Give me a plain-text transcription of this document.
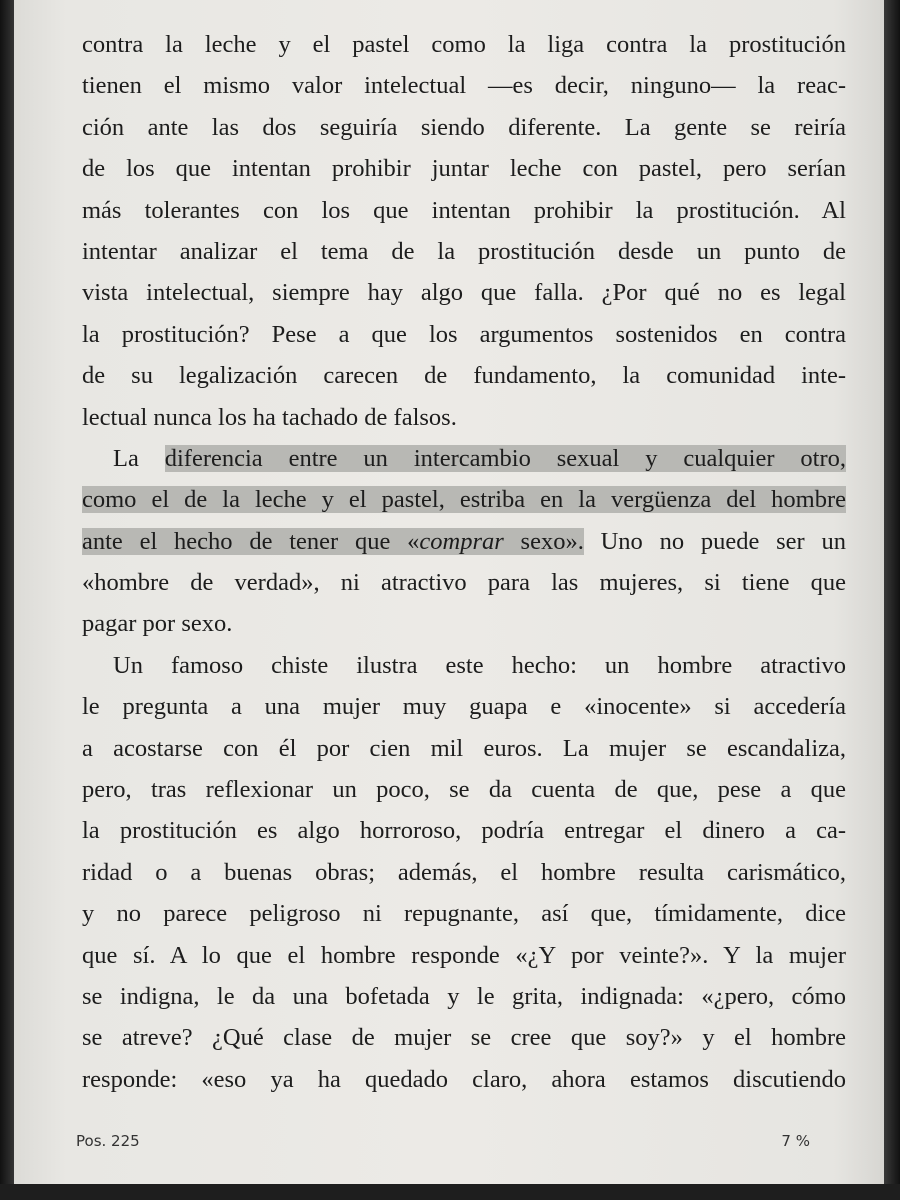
contra la leche y el pastel como la liga contra la prostitución
tienen el mismo valor intelectual —es decir, ninguno— la reac-
ción ante las dos seguiría siendo diferente. La gente se reiría
de los que intentan prohibir juntar leche con pastel, pero serían
más tolerantes con los que intentan prohibir la prostitución. Al
intentar analizar el tema de la prostitución desde un punto de
vista intelectual, siempre hay algo que falla. ¿Por qué no es legal
la prostitución? Pese a que los argumentos sostenidos en contra
de su legalización carecen de fundamento, la comunidad inte-
lectual nunca los ha tachado de falsos.
La diferencia entre un intercambio sexual y cualquier otro,
como el de la leche y el pastel, estriba en la vergüenza del hombre
ante el hecho de tener que «comprar sexo». Uno no puede ser un
«hombre de verdad», ni atractivo para las mujeres, si tiene que
pagar por sexo.
Un famoso chiste ilustra este hecho: un hombre atractivo
le pregunta a una mujer muy guapa e «inocente» si accedería
a acostarse con él por cien mil euros. La mujer se escandaliza,
pero, tras reflexionar un poco, se da cuenta de que, pese a que
la prostitución es algo horroroso, podría entregar el dinero a ca-
ridad o a buenas obras; además, el hombre resulta carismático,
y no parece peligroso ni repugnante, así que, tímidamente, dice
que sí. A lo que el hombre responde «¿Y por veinte?». Y la mujer
se indigna, le da una bofetada y le grita, indignada: «¿pero, cómo
se atreve? ¿Qué clase de mujer se cree que soy?» y el hombre
responde: «eso ya ha quedado claro, ahora estamos discutiendo
Pos. 225	7 %
